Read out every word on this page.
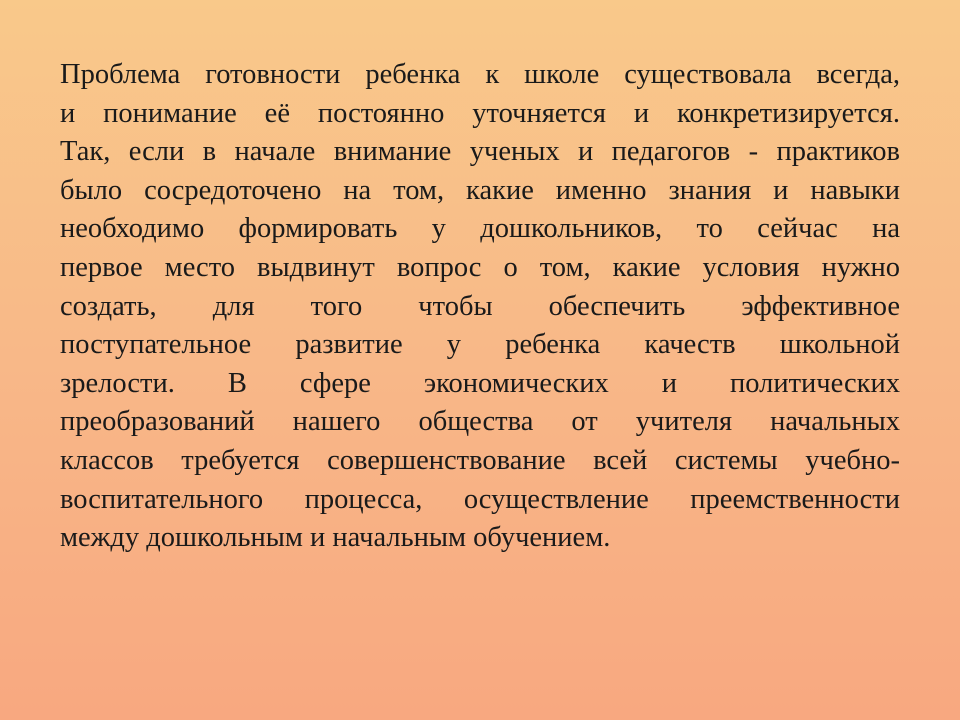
Проблема готовности ребенка к школе существовала всегда,
и понимание её постоянно уточняется и конкретизируется.
Так, если в начале внимание ученых и педагогов - практиков
было сосредоточено на том, какие именно знания и навыки
необходимо формировать у дошкольников, то сейчас на
первое место выдвинут вопрос о том, какие условия нужно
создать, для того чтобы обеспечить эффективное
поступательное развитие у ребенка качеств школьной
зрелости. В сфере экономических и политических
преобразований нашего общества от учителя начальных
классов требуется совершенствование всей системы учебно-
воспитательного процесса, осуществление преемственности
между дошкольным и начальным обучением.
